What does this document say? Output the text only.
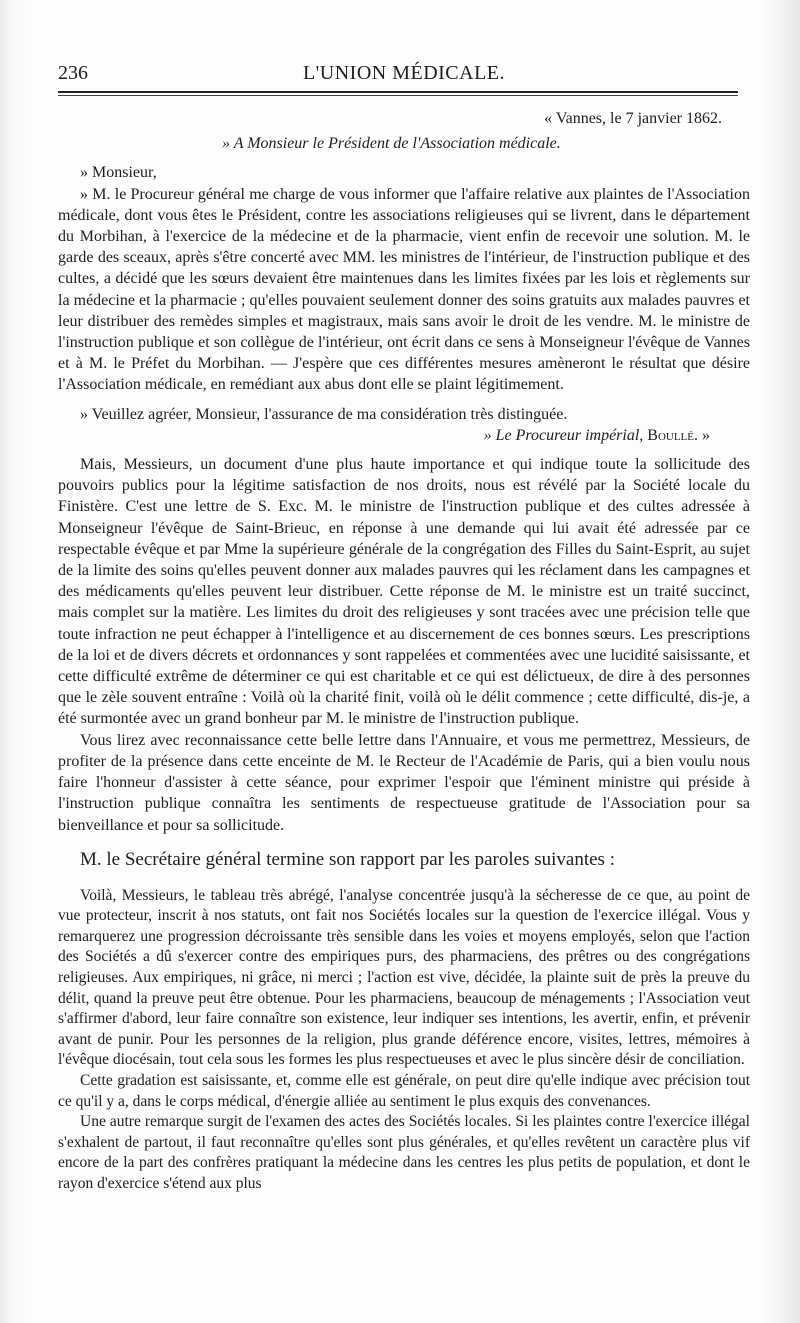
236	L'UNION MÉDICALE.

« Vannes, le 7 janvier 1862.

» A Monsieur le Président de l'Association médicale.

» Monsieur,

» M. le Procureur général me charge de vous informer que l'affaire relative aux plaintes de l'Association médicale, dont vous êtes le Président, contre les associations religieuses qui se livrent, dans le département du Morbihan, à l'exercice de la médecine et de la pharmacie, vient enfin de recevoir une solution. M. le garde des sceaux, après s'être concerté avec MM. les ministres de l'intérieur, de l'instruction publique et des cultes, a décidé que les sœurs devaient être maintenues dans les limites fixées par les lois et règlements sur la médecine et la pharmacie ; qu'elles pouvaient seulement donner des soins gratuits aux malades pauvres et leur distribuer des remèdes simples et magistraux, mais sans avoir le droit de les vendre. M. le ministre de l'instruction publique et son collègue de l'intérieur, ont écrit dans ce sens à Monseigneur l'évêque de Vannes et à M. le Préfet du Morbihan. — J'espère que ces différentes mesures amèneront le résultat que désire l'Association médicale, en remédiant aux abus dont elle se plaint légitimement.

» Veuillez agréer, Monsieur, l'assurance de ma considération très distinguée.

» Le Procureur impérial, Boullé. »

Mais, Messieurs, un document d'une plus haute importance et qui indique toute la sollicitude des pouvoirs publics pour la légitime satisfaction de nos droits, nous est révélé par la Société locale du Finistère. C'est une lettre de S. Exc. M. le ministre de l'instruction publique et des cultes adressée à Monseigneur l'évêque de Saint-Brieuc, en réponse à une demande qui lui avait été adressée par ce respectable évêque et par Mme la supérieure générale de la congrégation des Filles du Saint-Esprit, au sujet de la limite des soins qu'elles peuvent donner aux malades pauvres qui les réclament dans les campagnes et des médicaments qu'elles peuvent leur distribuer. Cette réponse de M. le ministre est un traité succinct, mais complet sur la matière. Les limites du droit des religieuses y sont tracées avec une précision telle que toute infraction ne peut échapper à l'intelligence et au discernement de ces bonnes sœurs. Les prescriptions de la loi et de divers décrets et ordonnances y sont rappelées et commentées avec une lucidité saisissante, et cette difficulté extrême de déterminer ce qui est charitable et ce qui est délictueux, de dire à des personnes que le zèle souvent entraîne : Voilà où la charité finit, voilà où le délit commence ; cette difficulté, dis-je, a été surmontée avec un grand bonheur par M. le ministre de l'instruction publique.

Vous lirez avec reconnaissance cette belle lettre dans l'Annuaire, et vous me permettrez, Messieurs, de profiter de la présence dans cette enceinte de M. le Recteur de l'Académie de Paris, qui a bien voulu nous faire l'honneur d'assister à cette séance, pour exprimer l'espoir que l'éminent ministre qui préside à l'instruction publique connaîtra les sentiments de respectueuse gratitude de l'Association pour sa bienveillance et pour sa sollicitude.

M. le Secrétaire général termine son rapport par les paroles suivantes :

Voilà, Messieurs, le tableau très abrégé, l'analyse concentrée jusqu'à la sécheresse de ce que, au point de vue protecteur, inscrit à nos statuts, ont fait nos Sociétés locales sur la question de l'exercice illégal. Vous y remarquerez une progression décroissante très sensible dans les voies et moyens employés, selon que l'action des Sociétés a dû s'exercer contre des empiriques purs, des pharmaciens, des prêtres ou des congrégations religieuses. Aux empiriques, ni grâce, ni merci ; l'action est vive, décidée, la plainte suit de près la preuve du délit, quand la preuve peut être obtenue. Pour les pharmaciens, beaucoup de ménagements ; l'Association veut s'affirmer d'abord, leur faire connaître son existence, leur indiquer ses intentions, les avertir, enfin, et prévenir avant de punir. Pour les personnes de la religion, plus grande déférence encore, visites, lettres, mémoires à l'évêque diocésain, tout cela sous les formes les plus respectueuses et avec le plus sincère désir de conciliation.

Cette gradation est saisissante, et, comme elle est générale, on peut dire qu'elle indique avec précision tout ce qu'il y a, dans le corps médical, d'énergie alliée au sentiment le plus exquis des convenances.

Une autre remarque surgit de l'examen des actes des Sociétés locales. Si les plaintes contre l'exercice illégal s'exhalent de partout, il faut reconnaître qu'elles sont plus générales, et qu'elles revêtent un caractère plus vif encore de la part des confrères pratiquant la médecine dans les centres les plus petits de population, et dont le rayon d'exercice s'étend aux plus
